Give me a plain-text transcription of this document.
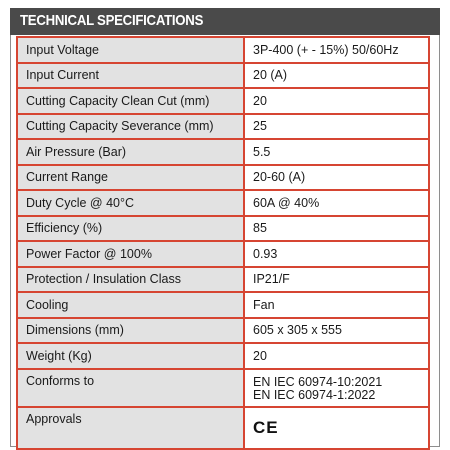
TECHNICAL SPECIFICATIONS
Input Voltage	3P-400 (+ - 15%) 50/60Hz
Input Current	20 (A)
Cutting Capacity Clean Cut (mm)	20
Cutting Capacity Severance (mm)	25
Air Pressure (Bar)	5.5
Current Range	20-60 (A)
Duty Cycle @ 40°C	60A @ 40%
Efficiency (%)	85
Power Factor @ 100%	0.93
Protection / Insulation Class	IP21/F
Cooling	Fan
Dimensions (mm)	605 x 305 x 555
Weight (Kg)	20
Conforms to	EN IEC 60974-10:2021
EN IEC 60974-1:2022
Approvals	CE
